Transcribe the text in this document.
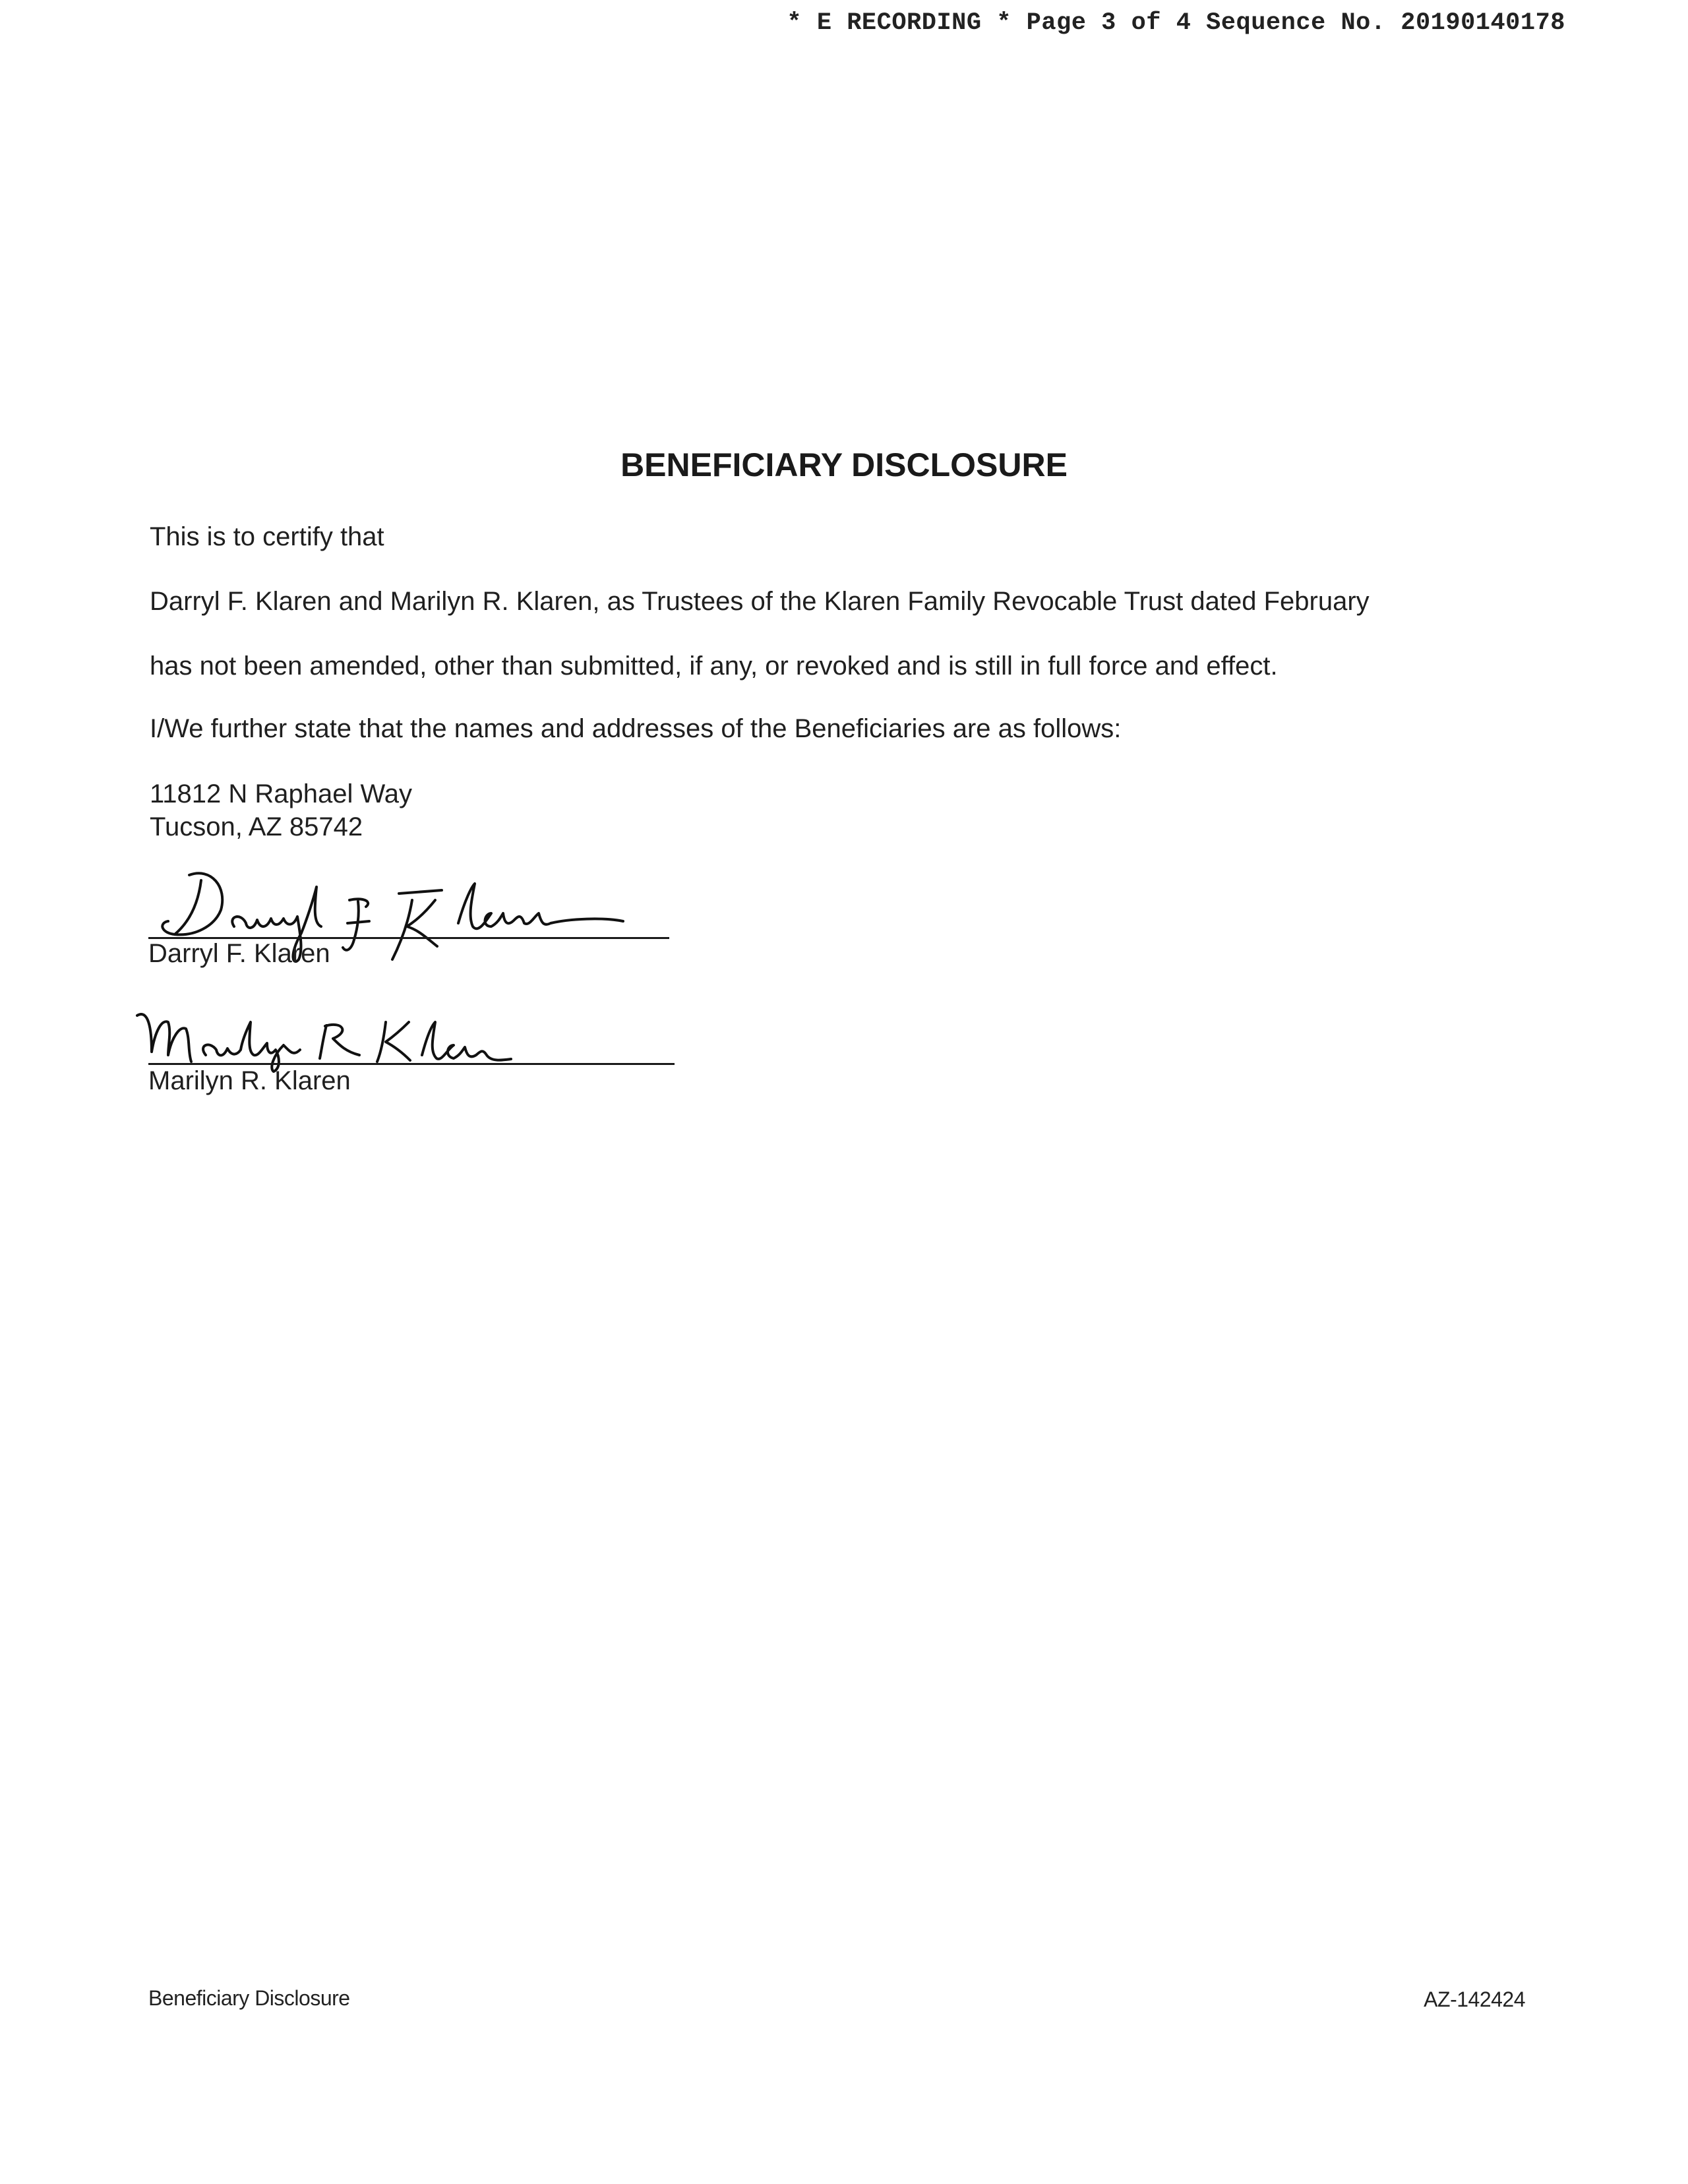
* E RECORDING * Page 3 of 4 Sequence No. 20190140178
BENEFICIARY DISCLOSURE
This is to certify that
Darryl F. Klaren and Marilyn R. Klaren, as Trustees of the Klaren Family Revocable Trust dated February
has not been amended, other than submitted, if any, or revoked and is still in full force and effect.
I/We further state that the names and addresses of the Beneficiaries are as follows:
11812 N Raphael Way
Tucson, AZ 85742
Darryl F. Klaren
Marilyn R. Klaren
Beneficiary Disclosure	AZ-142424
